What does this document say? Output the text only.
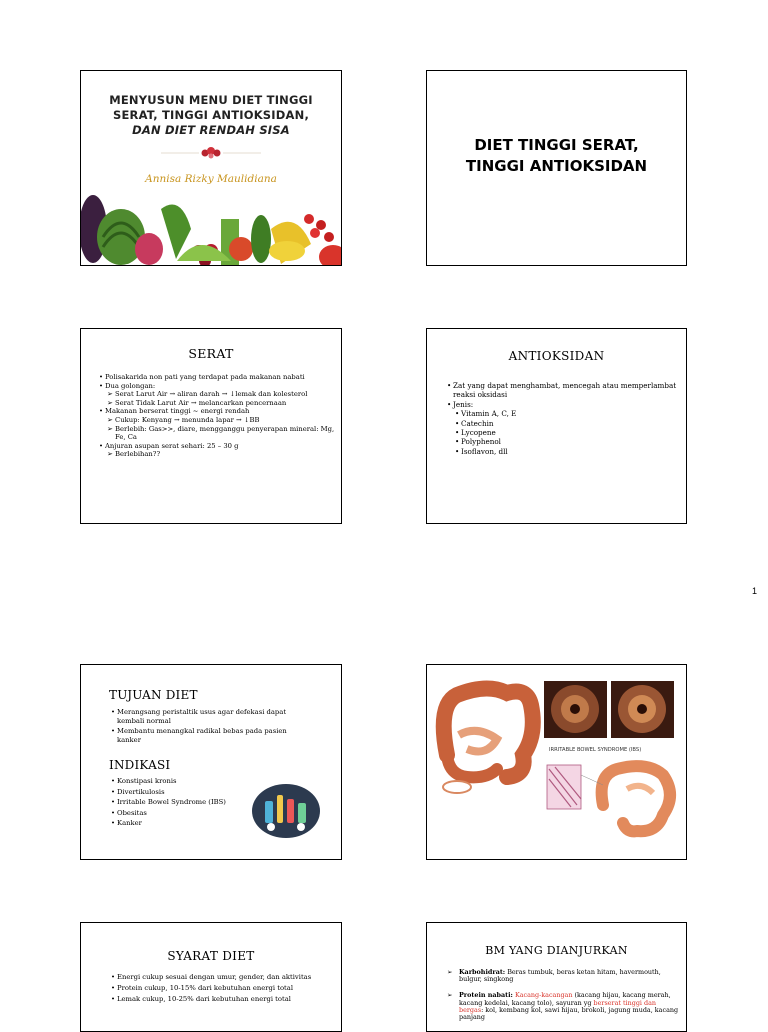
MENYUSUN MENU DIET TINGGI
SERAT, TINGGI ANTIOKSIDAN,
DAN DIET RENDAH SISA
Annisa Rizky Maulidiana
DIET TINGGI SERAT,
TINGGI ANTIOKSIDAN
SERAT
• Polisakarida non pati yang terdapat pada makanan nabati
• Dua golongan:
➢ Serat Larut Air → aliran darah → ↓lemak dan kolesterol
➢ Serat Tidak Larut Air → melancarkan pencernaan
• Makanan berserat tinggi ~ energi rendah
➢ Cukup: Kenyang → menunda lapar → ↓BB
➢ Berlebih: Gas>>, diare, mengganggu penyerapan mineral: Mg, Fe, Ca
• Anjuran asupan serat sehari: 25 – 30 g
➢ Berlebihan??
ANTIOKSIDAN
• Zat yang dapat menghambat, mencegah atau memperlambat reaksi oksidasi
• Jenis:
• Vitamin A, C, E
• Catechin
• Lycopene
• Polyphenol
• Isoflavon, dll
1
TUJUAN DIET
• Merangsang peristaltik usus agar defekasi dapat kembali normal
• Membantu menangkal radikal bebas pada pasien kanker
INDIKASI
• Konstipasi kronis
• Divertikulosis
• Irritable Bowel Syndrome (IBS)
• Obesitas
• Kanker
IRRITABLE BOWEL SYNDROME (IBS)
SYARAT DIET
• Energi cukup sesuai dengan umur, gender, dan aktivitas
• Protein cukup, 10-15% dari kebutuhan energi total
• Lemak cukup, 10-25% dari kebutuhan energi total
BM YANG DIANJURKAN
➢ Karbohidrat: Beras tumbuk, beras ketan hitam, havermouth, bulgur, singkong
➢ Protein nabati: Kacang-kacangan (kacang hijau, kacang merah, kacang kedelai, kacang tolo), sayuran yg berserat tinggi dan bergas: kol, kembang kol, sawi hijau, brokoli, jagung muda, kacang panjang
